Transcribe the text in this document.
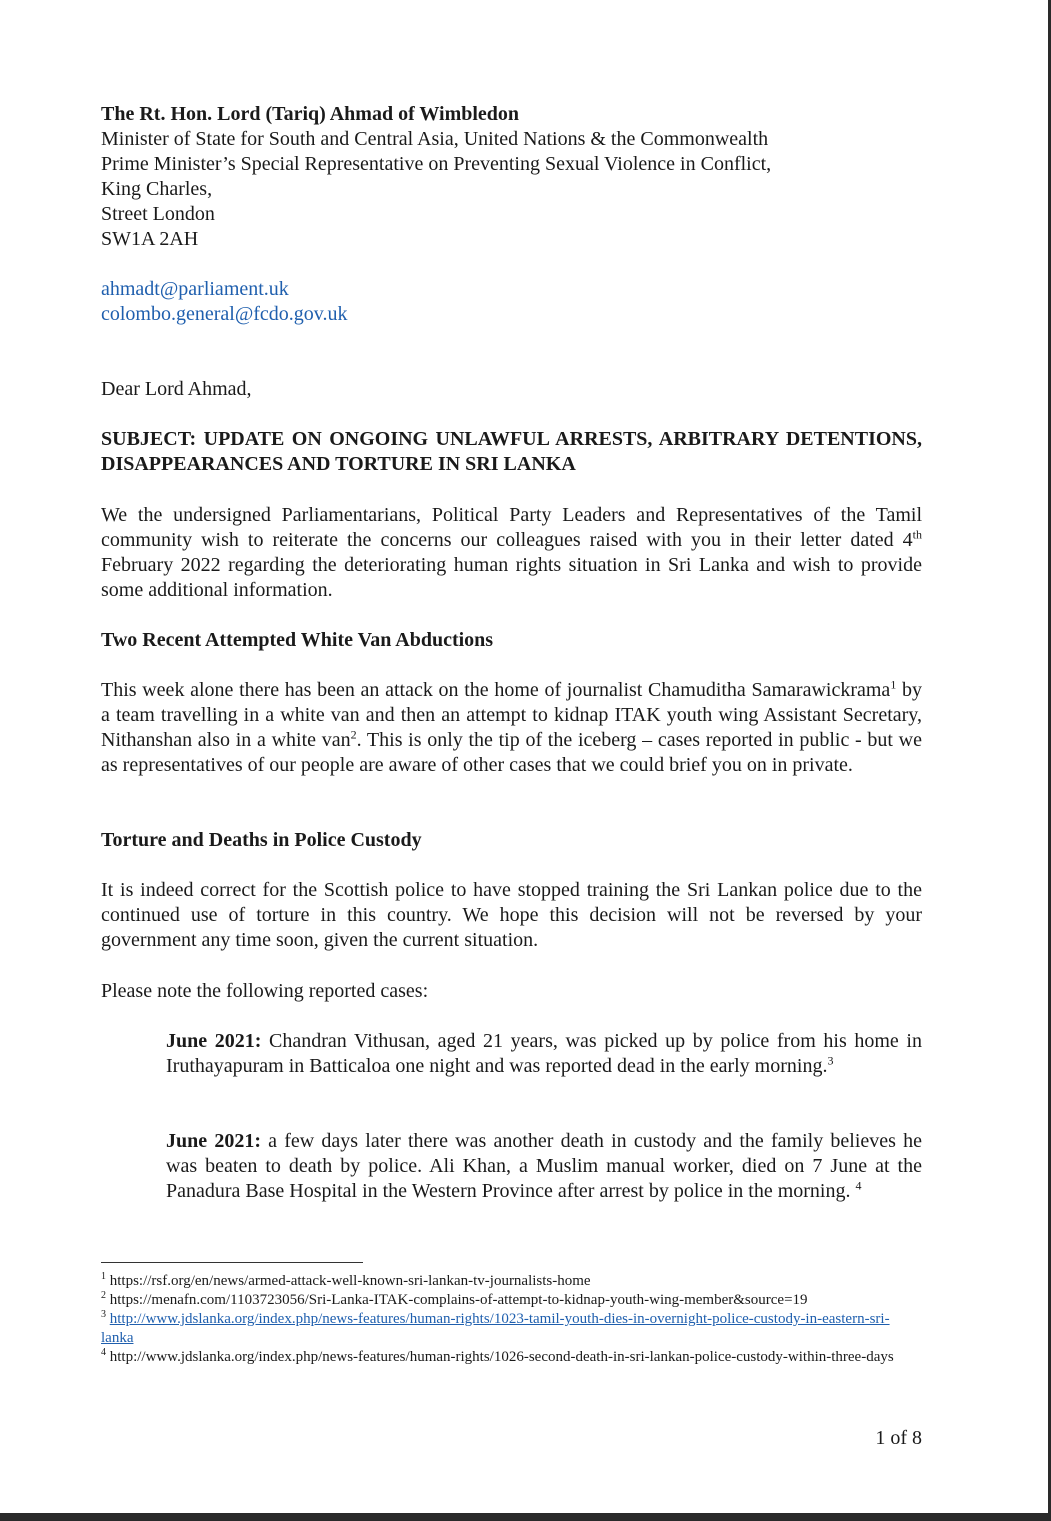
The Rt. Hon. Lord (Tariq) Ahmad of Wimbledon
Minister of State for South and Central Asia, United Nations & the Commonwealth
Prime Minister’s Special Representative on Preventing Sexual Violence in Conflict,
King Charles,
Street London
SW1A 2AH
ahmadt@parliament.uk
colombo.general@fcdo.gov.uk
Dear Lord Ahmad,

SUBJECT: UPDATE ON ONGOING UNLAWFUL ARRESTS, ARBITRARY DETENTIONS, DISAPPEARANCES AND TORTURE IN SRI LANKA

We the undersigned Parliamentarians, Political Party Leaders and Representatives of the Tamil community wish to reiterate the concerns our colleagues raised with you in their letter dated 4th February 2022 regarding the deteriorating human rights situation in Sri Lanka and wish to provide some additional information.

Two Recent Attempted White Van Abductions

This week alone there has been an attack on the home of journalist Chamuditha Samarawickrama$^1$ by a team travelling in a white van and then an attempt to kidnap ITAK youth wing Assistant Secretary, Nithanshan also in a white van$^2$. This is only the tip of the iceberg – cases reported in public - but we as representatives of our people are aware of other cases that we could brief you on in private.

Torture and Deaths in Police Custody

It is indeed correct for the Scottish police to have stopped training the Sri Lankan police due to the continued use of torture in this country. We hope this decision will not be reversed by your government any time soon, given the current situation.

Please note the following reported cases:

June 2021: Chandran Vithusan, aged 21 years, was picked up by police from his home in Iruthayapuram in Batticaloa one night and was reported dead in the early morning.$^3$

June 2021: a few days later there was another death in custody and the family believes he was beaten to death by police. Ali Khan, a Muslim manual worker, died on 7 June at the Panadura Base Hospital in the Western Province after arrest by police in the morning. $^4$

$^1$ https://rsf.org/en/news/armed-attack-well-known-sri-lankan-tv-journalists-home

$^2$ https://menafn.com/1103723056/Sri-Lanka-ITAK-complains-of-attempt-to-kidnap-youth-wing-member&source=19

$^3$ http://www.jdslanka.org/index.php/news-features/human-rights/1023-tamil-youth-dies-in-overnight-police-custody-in-eastern-sri-lanka

$^4$ http://www.jdslanka.org/index.php/news-features/human-rights/1026-second-death-in-sri-lankan-police-custody-within-three-days

1 of 8
